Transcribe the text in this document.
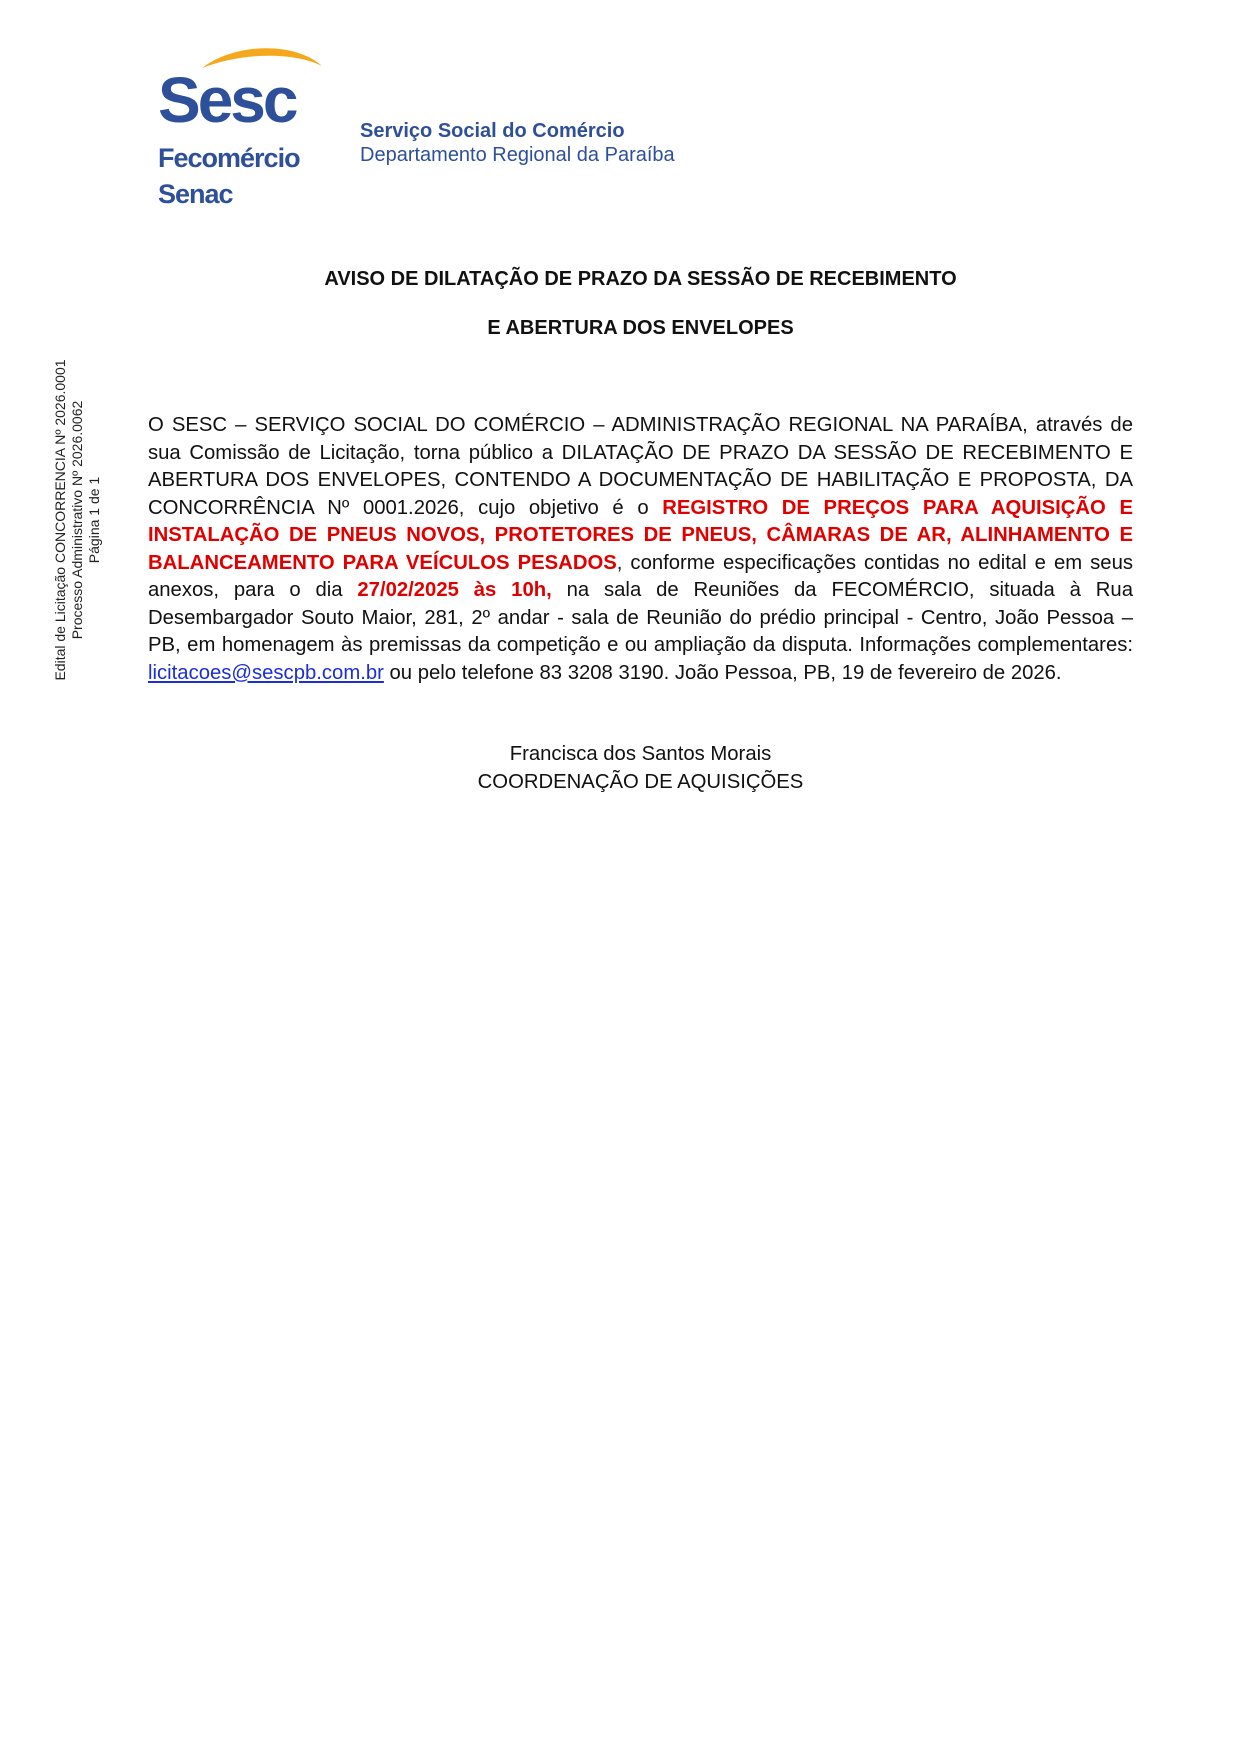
Sesc
Fecomércio
Senac
Serviço Social do Comércio
Departamento Regional da Paraíba
Edital de Licitação CONCORRENCIA Nº 2026.0001 Processo Administrativo Nº 2026.0062 Página 1 de 1
AVISO DE DILATAÇÃO DE PRAZO DA SESSÃO DE RECEBIMENTO
E ABERTURA DOS ENVELOPES
O SESC – SERVIÇO SOCIAL DO COMÉRCIO – ADMINISTRAÇÃO REGIONAL NA PARAÍBA, através de sua Comissão de Licitação, torna público a DILATAÇÃO DE PRAZO DA SESSÃO DE RECEBIMENTO E ABERTURA DOS ENVELOPES, CONTENDO A DOCUMENTAÇÃO DE HABILITAÇÃO E PROPOSTA, DA CONCORRÊNCIA Nº 0001.2026, cujo objetivo é o REGISTRO DE PREÇOS PARA AQUISIÇÃO E INSTALAÇÃO DE PNEUS NOVOS, PROTETORES DE PNEUS, CÂMARAS DE AR, ALINHAMENTO E BALANCEAMENTO PARA VEÍCULOS PESADOS, conforme especificações contidas no edital e em seus anexos, para o dia 27/02/2025 às 10h, na sala de Reuniões da FECOMÉRCIO, situada à Rua Desembargador Souto Maior, 281, 2º andar - sala de Reunião do prédio principal - Centro, João Pessoa – PB, em homenagem às premissas da competição e ou ampliação da disputa. Informações complementares: licitacoes@sescpb.com.br ou pelo telefone 83 3208 3190. João Pessoa, PB, 19 de fevereiro de 2026.
Francisca dos Santos Morais
COORDENAÇÃO DE AQUISIÇÕES
